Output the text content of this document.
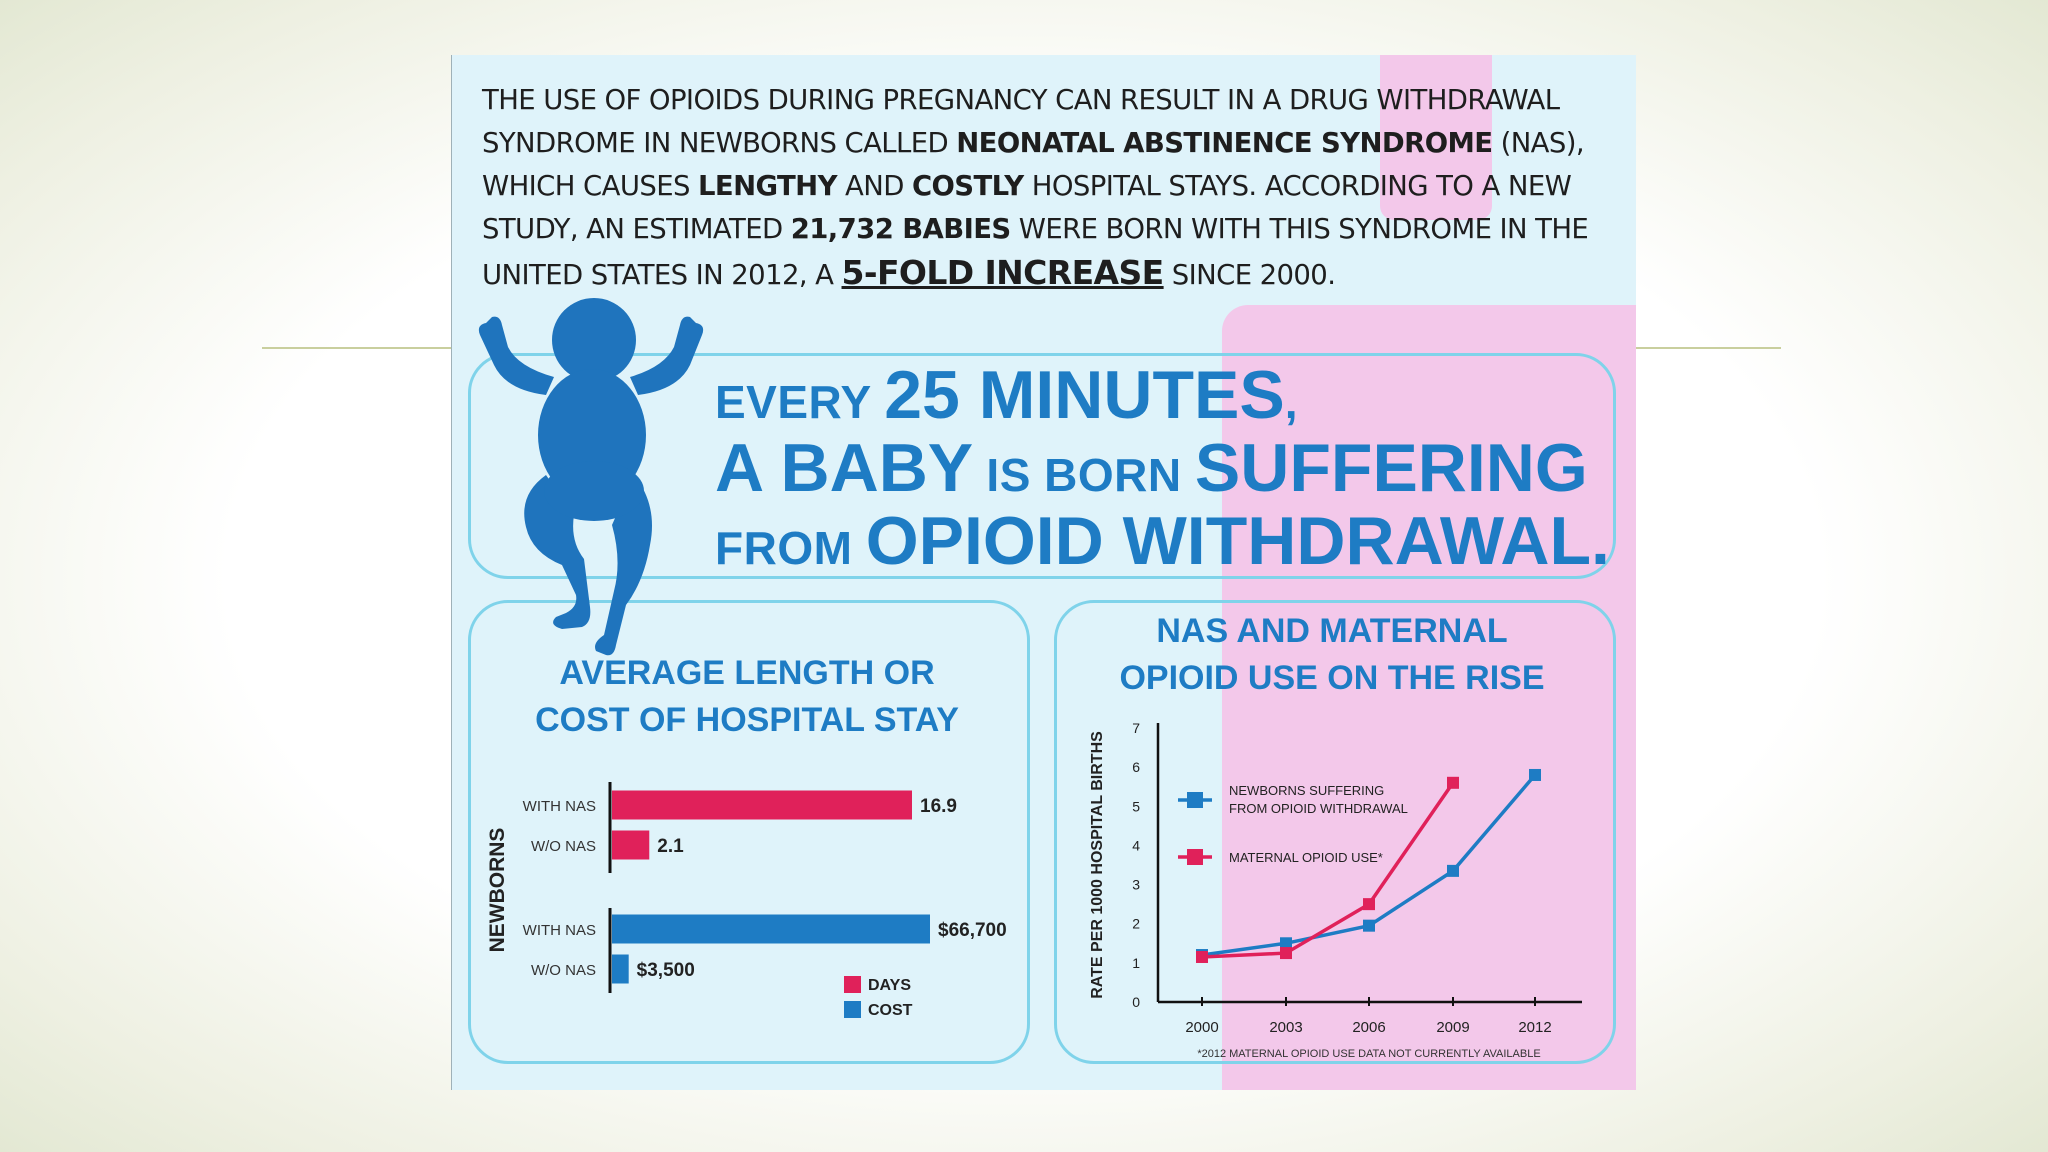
THE USE OF OPIOIDS DURING PREGNANCY CAN RESULT IN A DRUG WITHDRAWAL SYNDROME IN NEWBORNS CALLED NEONATAL ABSTINENCE SYNDROME (NAS), WHICH CAUSES LENGTHY AND COSTLY HOSPITAL STAYS. ACCORDING TO A NEW STUDY, AN ESTIMATED 21,732 BABIES WERE BORN WITH THIS SYNDROME IN THE UNITED STATES IN 2012, A 5-FOLD INCREASE SINCE 2000.

EVERY 25 MINUTES,
A BABY IS BORN SUFFERING
FROM OPIOID WITHDRAWAL.

AVERAGE LENGTH OR
COST OF HOSPITAL STAY

NAS AND MATERNAL
OPIOID USE ON THE RISE

WITH NAS	16.9
W/O NAS	2.1
WITH NAS	$66,700
W/O NAS $3,500
NEWBORNS
DAYS
COST	0
1
2
3
4
5
6
7
2000	2003	2006	2009	2012
RATE PER 1000 HOSPITAL BIRTHS	NEWBORNS SUFFERING
FROM OPIOID WITHDRAWAL
MATERNAL OPIOID USE*
*2012 MATERNAL OPIOID USE DATA NOT CURRENTLY AVAILABLE
